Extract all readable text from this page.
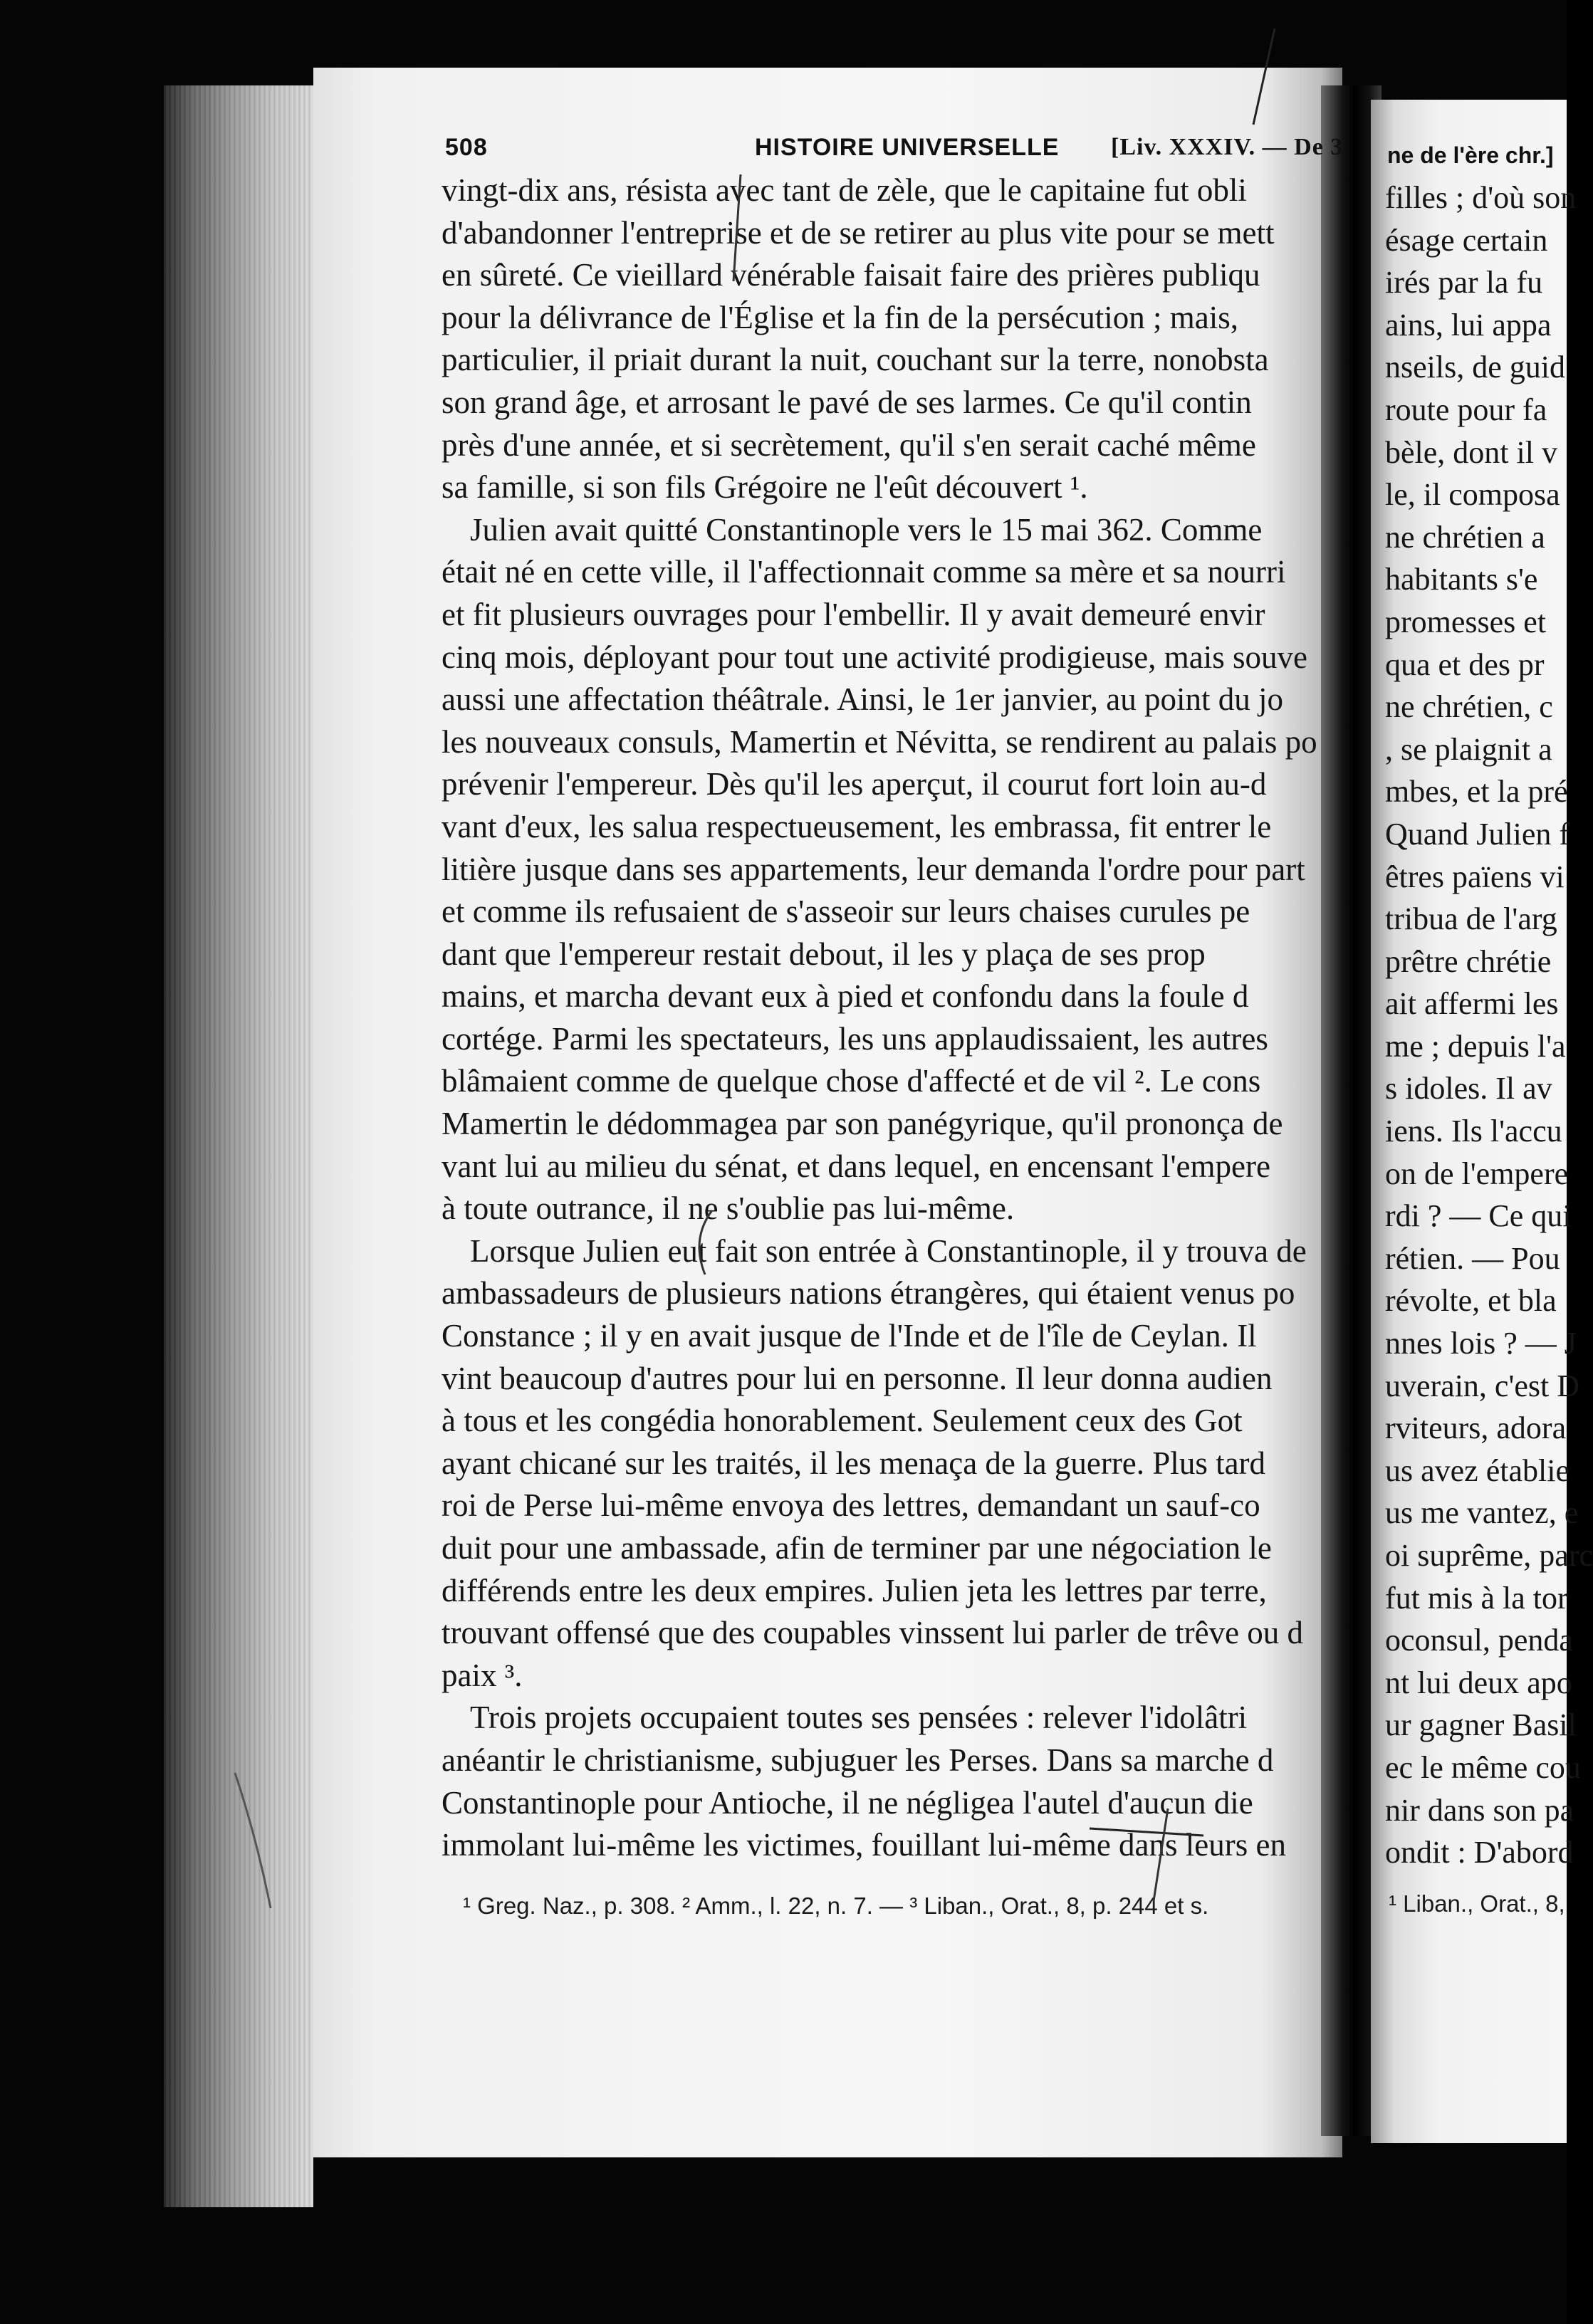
508	HISTOIRE UNIVERSELLE [Liv. XXXIV. — De 3
vingt-dix ans, résista avec tant de zèle, que le capitaine fut obli
d'abandonner l'entreprise et de se retirer au plus vite pour se mett
en sûreté. Ce vieillard vénérable faisait faire des prières publiqu
pour la délivrance de l'Église et la fin de la persécution ; mais,
particulier, il priait durant la nuit, couchant sur la terre, nonobsta
son grand âge, et arrosant le pavé de ses larmes. Ce qu'il contin
près d'une année, et si secrètement, qu'il s'en serait caché même
sa famille, si son fils Grégoire ne l'eût découvert ¹.
Julien avait quitté Constantinople vers le 15 mai 362. Comme
était né en cette ville, il l'affectionnait comme sa mère et sa nourri
et fit plusieurs ouvrages pour l'embellir. Il y avait demeuré envir
cinq mois, déployant pour tout une activité prodigieuse, mais souve
aussi une affectation théâtrale. Ainsi, le 1er janvier, au point du jo
les nouveaux consuls, Mamertin et Névitta, se rendirent au palais po
prévenir l'empereur. Dès qu'il les aperçut, il courut fort loin au-d
vant d'eux, les salua respectueusement, les embrassa, fit entrer le
litière jusque dans ses appartements, leur demanda l'ordre pour part
et comme ils refusaient de s'asseoir sur leurs chaises curules pe
dant que l'empereur restait debout, il les y plaça de ses prop
mains, et marcha devant eux à pied et confondu dans la foule d
cortége. Parmi les spectateurs, les uns applaudissaient, les autres
blâmaient comme de quelque chose d'affecté et de vil ². Le cons
Mamertin le dédommagea par son panégyrique, qu'il prononça de
vant lui au milieu du sénat, et dans lequel, en encensant l'empere
à toute outrance, il ne s'oublie pas lui-même.
Lorsque Julien eut fait son entrée à Constantinople, il y trouva de
ambassadeurs de plusieurs nations étrangères, qui étaient venus po
Constance ; il y en avait jusque de l'Inde et de l'île de Ceylan. Il
vint beaucoup d'autres pour lui en personne. Il leur donna audien
à tous et les congédia honorablement. Seulement ceux des Got
ayant chicané sur les traités, il les menaça de la guerre. Plus tard
roi de Perse lui-même envoya des lettres, demandant un sauf-co
duit pour une ambassade, afin de terminer par une négociation le
différends entre les deux empires. Julien jeta les lettres par terre,
trouvant offensé que des coupables vinssent lui parler de trêve ou d
paix ³.
Trois projets occupaient toutes ses pensées : relever l'idolâtri
anéantir le christianisme, subjuguer les Perses. Dans sa marche d
Constantinople pour Antioche, il ne négligea l'autel d'aucun die
immolant lui-même les victimes, fouillant lui-même dans leurs en
¹ Greg. Naz., p. 308. ² Amm., l. 22, n. 7. — ³ Liban., Orat., 8, p. 244 et s.
ne de l'ère chr.]
filles ; d'où son
ésage certain
irés par la fu
ains, lui appa
nseils, de guid
route pour fa
bèle, dont il v
le, il composa
ne chrétien a
habitants s'e
promesses et
qua et des pr
ne chrétien, c
, se plaignit a
mbes, et la pré
Quand Julien f
êtres païens vi
tribua de l'arg
prêtre chrétie
ait affermi les
me ; depuis l'a
s idoles. Il av
iens. Ils l'accu
on de l'empere
rdi ? — Ce qui
rétien. — Pou
révolte, et bla
nnes lois ? — J
uverain, c'est D
rviteurs, adora
us avez établie
us me vantez, e
oi suprême, parc
fut mis à la tor
oconsul, penda
nt lui deux apo
ur gagner Basil
ec le même cou
nir dans son pa
ondit : D'abord
¹ Liban., Orat., 8,
